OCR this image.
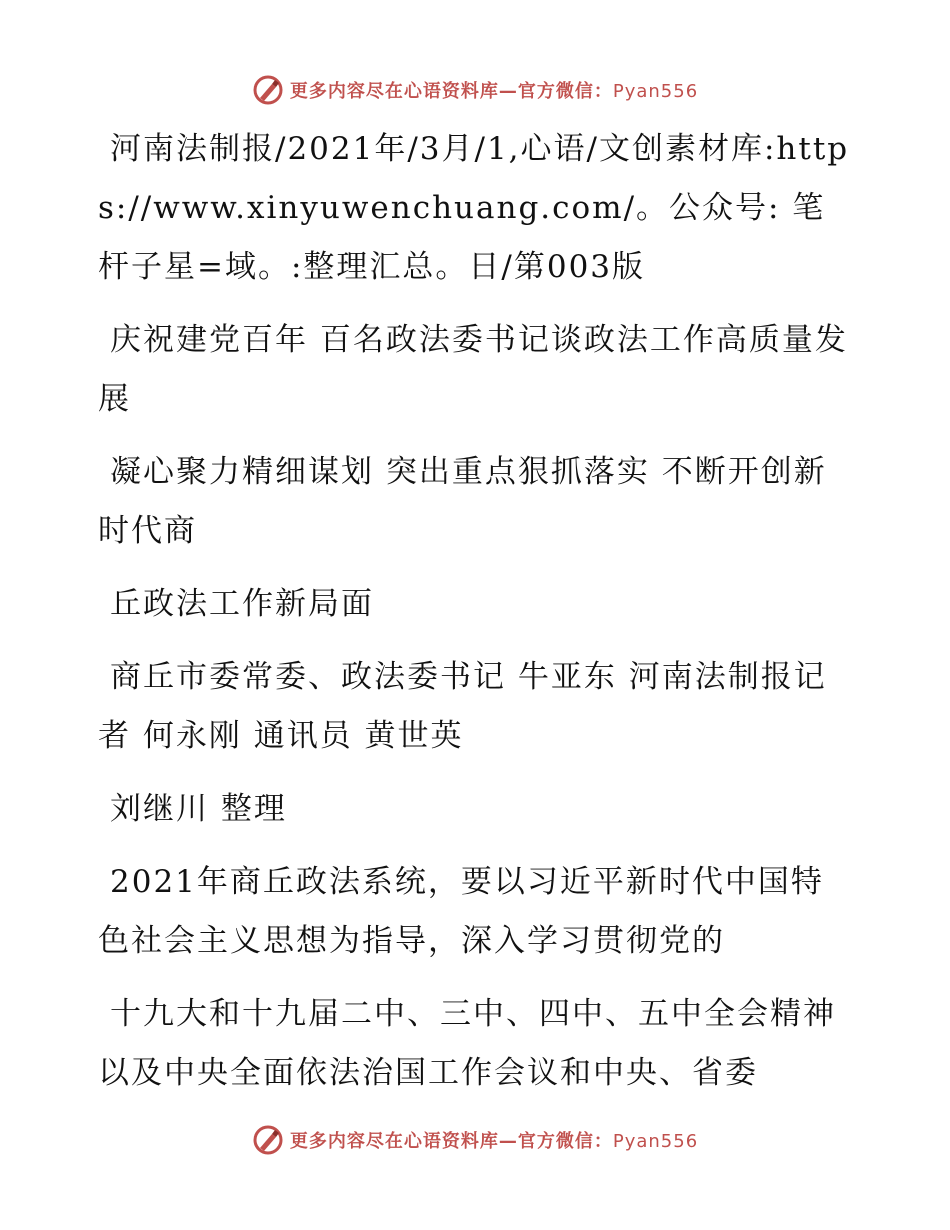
更多内容尽在心语资料库—官方微信：Pyan556

河南法制报/2021年/3月/1,心语/文创素材库:https://www.xinyuwenchuang.com/。公众号: 笔杆子星=域。:整理汇总。日/第003版

庆祝建党百年 百名政法委书记谈政法工作高质量发展

凝心聚力精细谋划 突出重点狠抓落实 不断开创新时代商

丘政法工作新局面

商丘市委常委、政法委书记 牛亚东 河南法制报记者 何永刚 通讯员 黄世英

刘继川 整理

2021年商丘政法系统，要以习近平新时代中国特色社会主义思想为指导，深入学习贯彻党的

十九大和十九届二中、三中、四中、五中全会精神以及中央全面依法治国工作会议和中央、省委

更多内容尽在心语资料库—官方微信：Pyan556
